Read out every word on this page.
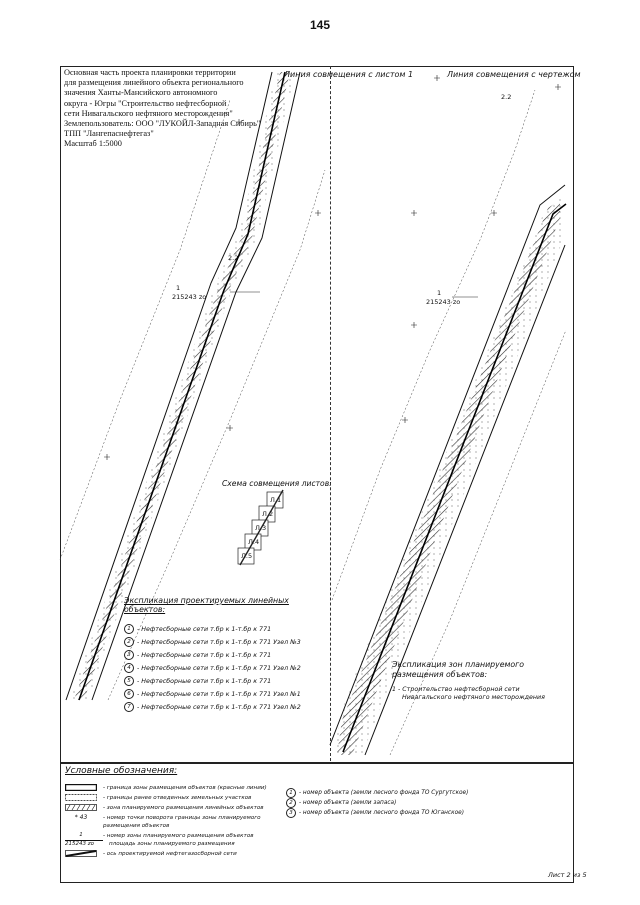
145
Л.1
Л.2
Л.3
Л.4
Л.5
Основная часть проекта планировки территории
для размещения линейного объекта регионального
значения Ханты-Мансийского автономного
округа - Югры "Строительство нефтесборной
сети Нивагальского нефтяного месторождения"
Землепользователь: ООО "ЛУКОЙЛ-Западная Сибирь"
ТПП "Лангепаснефтегаз"
Масштаб 1:5000
Линия совмещения с листом 1	Линия совмещения с чертежом
2.2
2.2
1
215243 zo	1
215243 zo
Схема совмещения листов:
Экспликация проектируемых линейных объектов:
1 - Нефтесборные сети т.бр к 1-т.бр к 771
2 - Нефтесборные сети т.бр к 1-т.бр к 771 Узел №3
3 - Нефтесборные сети т.бр к 1-т.бр к 771
4 - Нефтесборные сети т.бр к 1-т.бр к 771 Узел №2
5 - Нефтесборные сети т.бр к 1-т.бр к 771
6 - Нефтесборные сети т.бр к 1-т.бр к 771 Узел №1
7 - Нефтесборные сети т.бр к 1-т.бр к 771 Узел №2
Экспликация зон планируемого размещения объектов:
1 - Строительство нефтесборной сети
Нивагальского нефтяного месторождения
Условные обозначения:
- граница зоны размещения объектов (красные линии)
- границы ранее отведенных земельных участков
- зона планируемого размещения линейных объектов
* 43	- номер точки поворота границы зоны планируемого
размещения объектов
1	- номер зоны планируемого размещения объектов
215243 zo	площадь зоны планируемого размещения
- ось проектируемой нефтегазосборной сети
1	- номер объекта (земли лесного фонда ТО Сургутское)
2	- номер объекта (земли запаса)
3	- номер объекта (земли лесного фонда ТО Юганское)
Лист 2 из 5
